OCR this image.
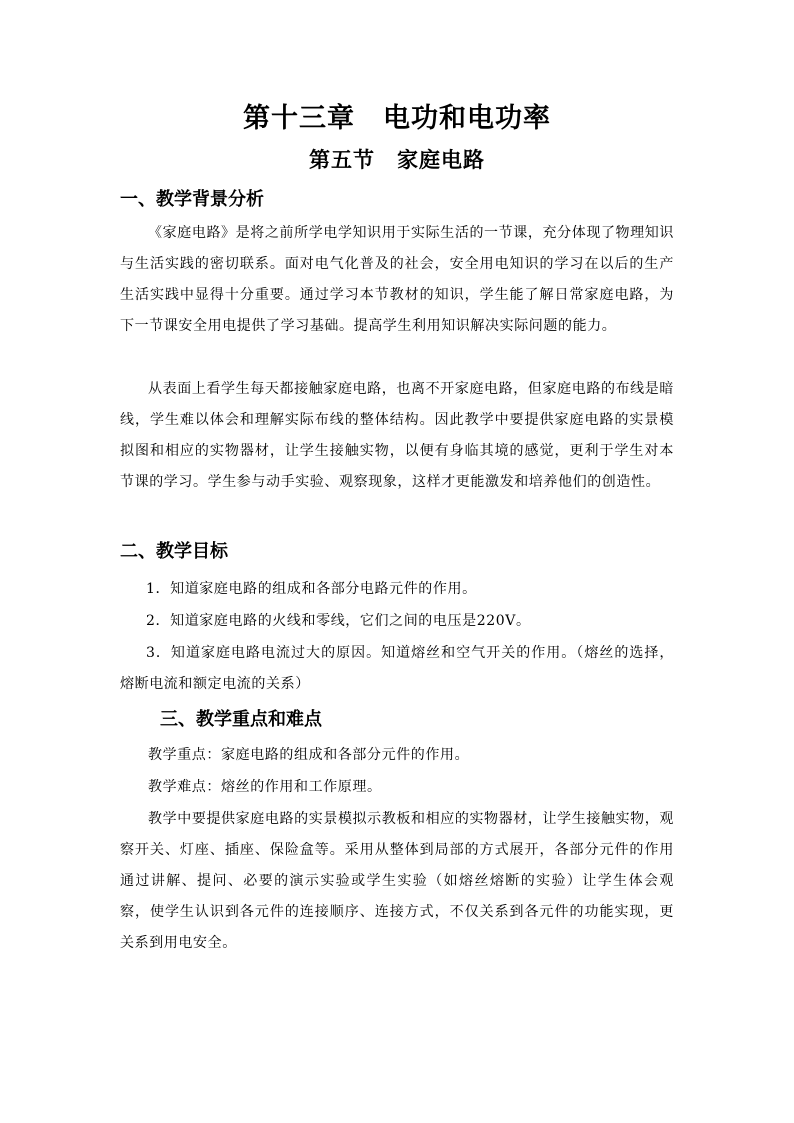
第十三章　电功和电功率
第五节　家庭电路
一、教学背景分析
《家庭电路》是将之前所学电学知识用于实际生活的一节课，充分体现了物理知识与生活实践的密切联系。面对电气化普及的社会，安全用电知识的学习在以后的生产生活实践中显得十分重要。通过学习本节教材的知识，学生能了解日常家庭电路，为下一节课安全用电提供了学习基础。提高学生利用知识解决实际问题的能力。
从表面上看学生每天都接触家庭电路，也离不开家庭电路，但家庭电路的布线是暗线，学生难以体会和理解实际布线的整体结构。因此教学中要提供家庭电路的实景模拟图和相应的实物器材，让学生接触实物，以便有身临其境的感觉，更利于学生对本节课的学习。学生参与动手实验、观察现象，这样才更能激发和培养他们的创造性。
二、教学目标
1．知道家庭电路的组成和各部分电路元件的作用。
2．知道家庭电路的火线和零线，它们之间的电压是220V。
3．知道家庭电路电流过大的原因。知道熔丝和空气开关的作用。（熔丝的选择，熔断电流和额定电流的关系）
三、教学重点和难点
教学重点：家庭电路的组成和各部分元件的作用。
教学难点：熔丝的作用和工作原理。
教学中要提供家庭电路的实景模拟示教板和相应的实物器材，让学生接触实物，观察开关、灯座、插座、保险盒等。采用从整体到局部的方式展开，各部分元件的作用通过讲解、提问、必要的演示实验或学生实验（如熔丝熔断的实验）让学生体会观察，使学生认识到各元件的连接顺序、连接方式，不仅关系到各元件的功能实现，更关系到用电安全。
